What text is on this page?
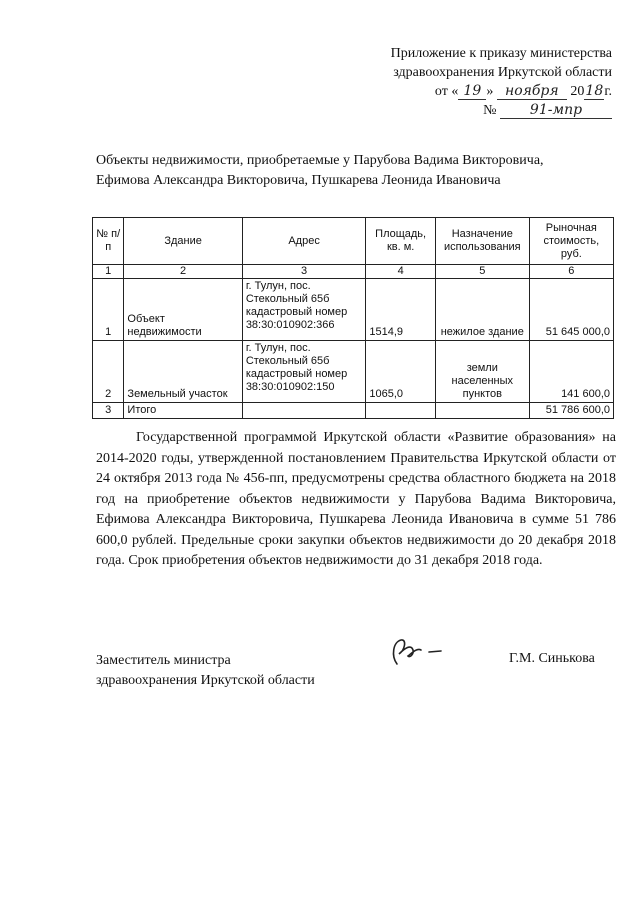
Приложение к приказу министерства
здравоохранения Иркутской области
от « 19 » ноября 2018г.
№ 91-мпр
Объекты недвижимости, приобретаемые у Парубова Вадима Викторовича,
Ефимова Александра Викторовича, Пушкарева Леонида Ивановича
№ п/п	Здание	Адрес	Площадь, кв. м.	Назначение использования	Рыночная стоимость, руб.
1	2	3	4	5	6
1	Объект недвижимости	г. Тулун, пос. Стекольный 65б кадастровый номер 38:30:010902:366	1514,9	нежилое здание	51 645 000,0
2	Земельный участок	г. Тулун, пос. Стекольный 65б кадастровый номер 38:30:010902:150	1065,0	земли населенных пунктов	141 600,0
3	Итого				51 786 600,0
Государственной программой Иркутской области «Развитие образования» на 2014-2020 годы, утвержденной постановлением Правительства Иркутской области от 24 октября 2013 года № 456-пп, предусмотрены средства областного бюджета на 2018 год на приобретение объектов недвижимости у Парубова Вадима Викторовича, Ефимова Александра Викторовича, Пушкарева Леонида Ивановича в сумме 51 786 600,0 рублей. Предельные сроки закупки объектов недвижимости до 20 декабря 2018 года. Срок приобретения объектов недвижимости до 31 декабря 2018 года.
Заместитель министра
здравоохранения Иркутской области
Г.М. Синькова
